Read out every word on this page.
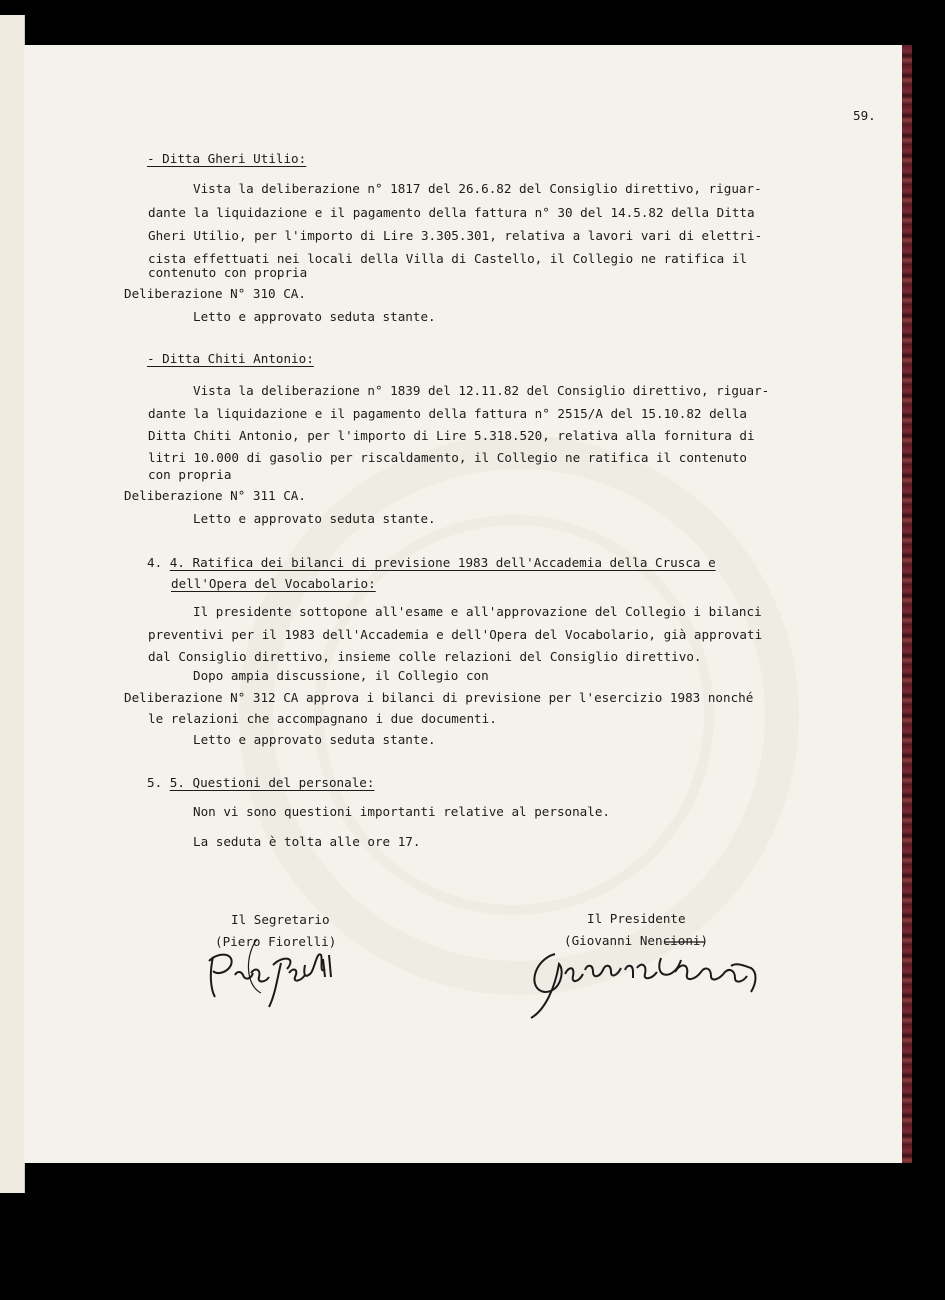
59.
- Ditta Gheri Utilio:
Vista la deliberazione n° 1817 del 26.6.82 del Consiglio direttivo, riguar-
dante la liquidazione e il pagamento della fattura n° 30 del 14.5.82 della Ditta
Gheri Utilio, per l'importo di Lire 3.305.301, relativa a lavori vari di elettri-
cista effettuati nei locali della Villa di Castello, il Collegio ne ratifica il
contenuto con propria
Deliberazione N° 310 CA.
Letto e approvato seduta stante.
- Ditta Chiti Antonio:
Vista la deliberazione n° 1839 del 12.11.82 del Consiglio direttivo, riguar-
dante la liquidazione e il pagamento della fattura n° 2515/A del 15.10.82 della
Ditta Chiti Antonio, per l'importo di Lire 5.318.520, relativa alla fornitura di
litri 10.000 di gasolio per riscaldamento, il Collegio ne ratifica il contenuto
con propria
Deliberazione N° 311 CA.
Letto e approvato seduta stante.
4. 4. Ratifica dei bilanci di previsione 1983 dell'Accademia della Crusca e
dell'Opera del Vocabolario:
Il presidente sottopone all'esame e all'approvazione del Collegio i bilanci
preventivi per il 1983 dell'Accademia e dell'Opera del Vocabolario, già approvati
dal Consiglio direttivo, insieme colle relazioni del Consiglio direttivo.
Dopo ampia discussione, il Collegio con
Deliberazione N° 312 CA approva i bilanci di previsione per l'esercizio 1983 nonché
le relazioni che accompagnano i due documenti.
Letto e approvato seduta stante.
5. 5. Questioni del personale:
Non vi sono questioni importanti relative al personale.
La seduta è tolta alle ore 17.
Il Segretario
(Piero Fiorelli)
Il Presidente
(Giovanni Nencioni)
